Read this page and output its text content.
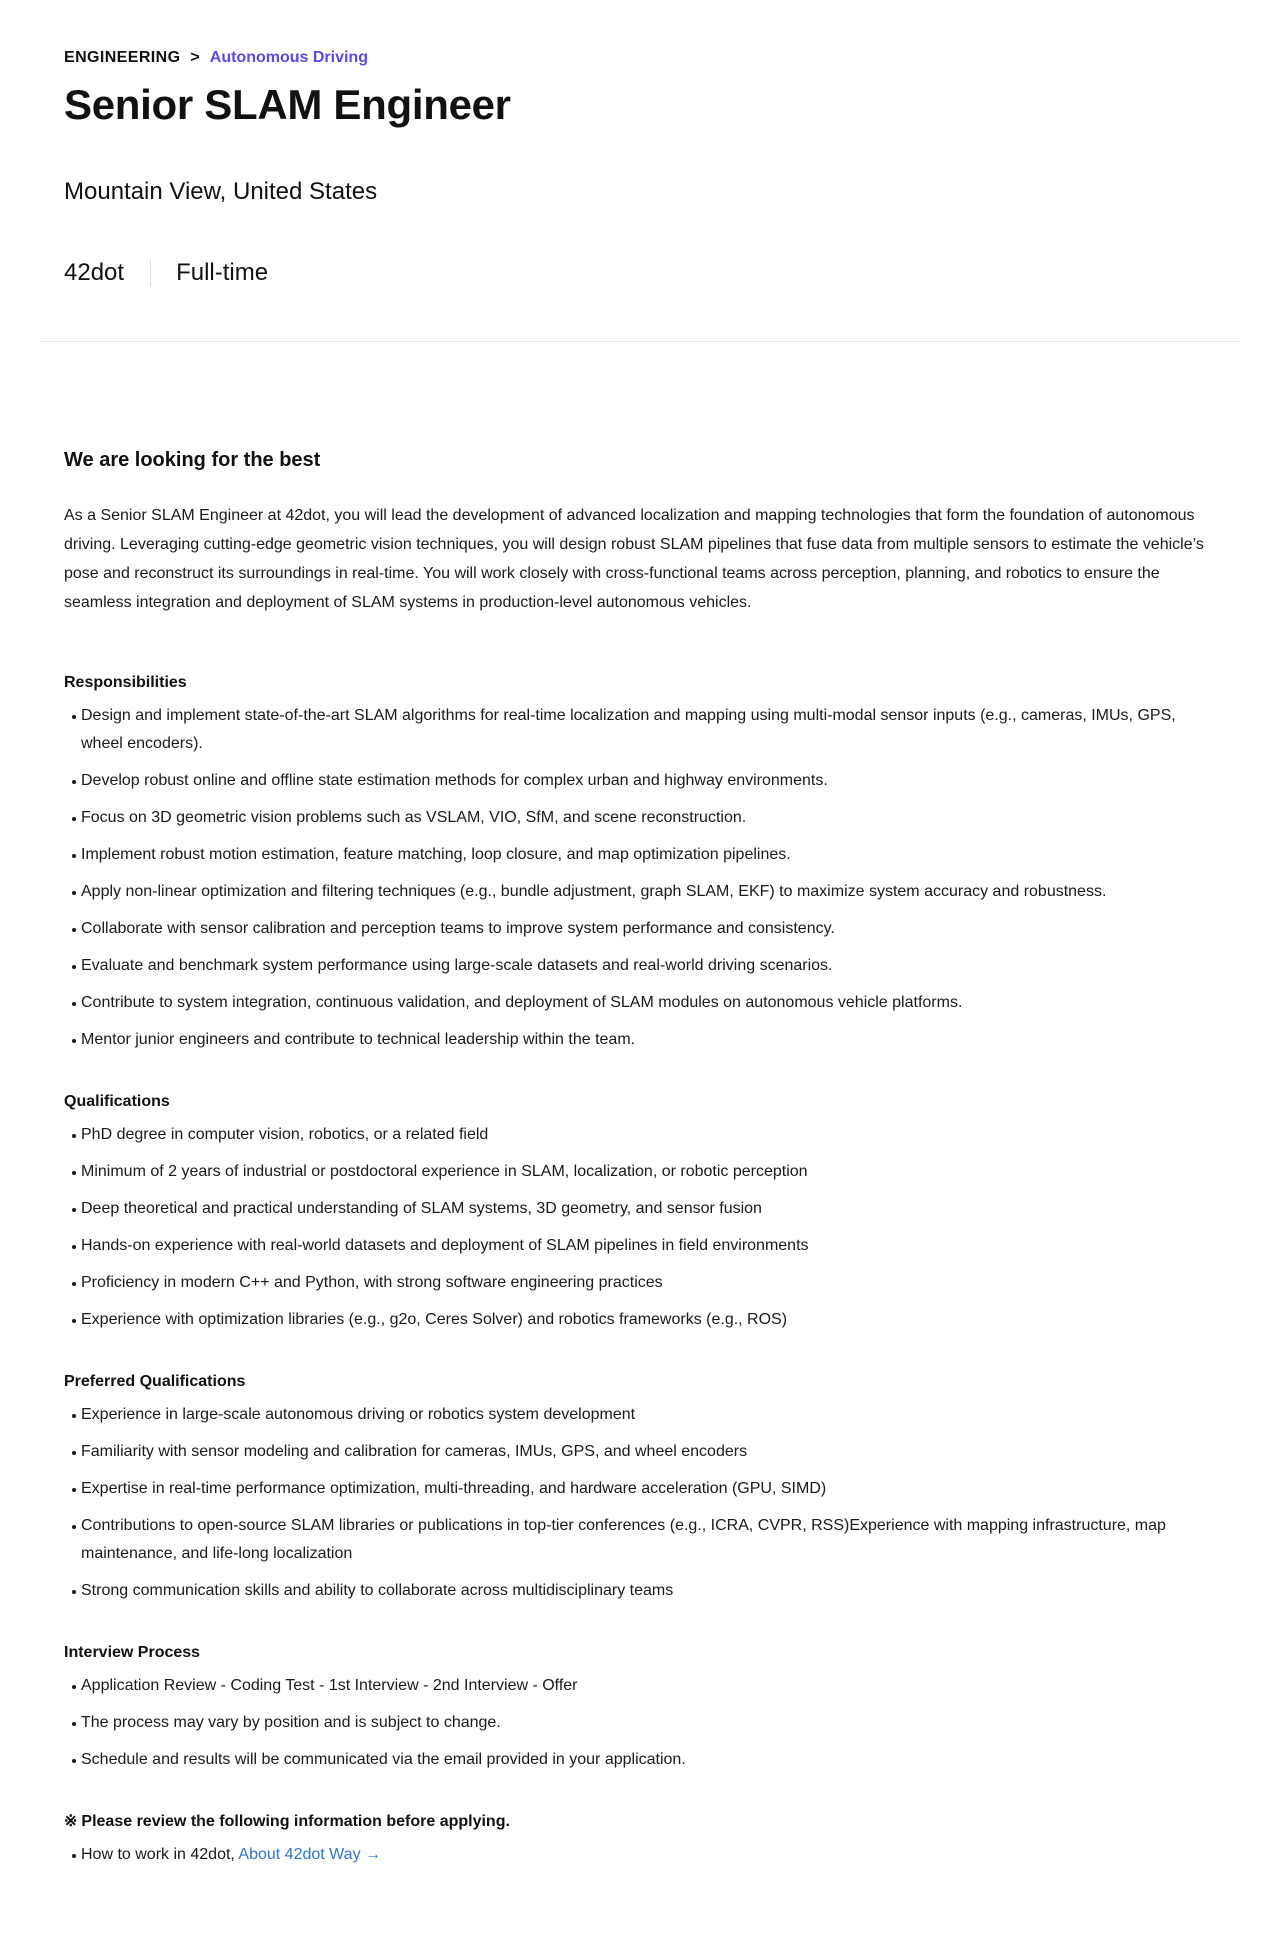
ENGINEERING > Autonomous Driving
Senior SLAM Engineer
Mountain View, United States
42dot Full-time
We are looking for the best

As a Senior SLAM Engineer at 42dot, you will lead the development of advanced localization and mapping technologies that form the foundation of autonomous driving. Leveraging cutting-edge geometric vision techniques, you will design robust SLAM pipelines that fuse data from multiple sensors to estimate the vehicle’s pose and reconstruct its surroundings in real-time. You will work closely with cross-functional teams across perception, planning, and robotics to ensure the seamless integration and deployment of SLAM systems in production-level autonomous vehicles.

Responsibilities
Design and implement state-of-the-art SLAM algorithms for real-time localization and mapping using multi-modal sensor inputs (e.g., cameras, IMUs, GPS, wheel encoders).
Develop robust online and offline state estimation methods for complex urban and highway environments.
Focus on 3D geometric vision problems such as VSLAM, VIO, SfM, and scene reconstruction.
Implement robust motion estimation, feature matching, loop closure, and map optimization pipelines.
Apply non-linear optimization and filtering techniques (e.g., bundle adjustment, graph SLAM, EKF) to maximize system accuracy and robustness.
Collaborate with sensor calibration and perception teams to improve system performance and consistency.
Evaluate and benchmark system performance using large-scale datasets and real-world driving scenarios.
Contribute to system integration, continuous validation, and deployment of SLAM modules on autonomous vehicle platforms.
Mentor junior engineers and contribute to technical leadership within the team.
Qualifications
PhD degree in computer vision, robotics, or a related field
Minimum of 2 years of industrial or postdoctoral experience in SLAM, localization, or robotic perception
Deep theoretical and practical understanding of SLAM systems, 3D geometry, and sensor fusion
Hands-on experience with real-world datasets and deployment of SLAM pipelines in field environments
Proficiency in modern C++ and Python, with strong software engineering practices
Experience with optimization libraries (e.g., g2o, Ceres Solver) and robotics frameworks (e.g., ROS)
Preferred Qualifications
Experience in large-scale autonomous driving or robotics system development
Familiarity with sensor modeling and calibration for cameras, IMUs, GPS, and wheel encoders
Expertise in real-time performance optimization, multi-threading, and hardware acceleration (GPU, SIMD)
Contributions to open-source SLAM libraries or publications in top-tier conferences (e.g., ICRA, CVPR, RSS)Experience with mapping infrastructure, map maintenance, and life-long localization
Strong communication skills and ability to collaborate across multidisciplinary teams
Interview Process
Application Review - Coding Test - 1st Interview - 2nd Interview - Offer
The process may vary by position and is subject to change.
Schedule and results will be communicated via the email provided in your application.
※ Please review the following information before applying.
How to work in 42dot, About 42dot Way →
